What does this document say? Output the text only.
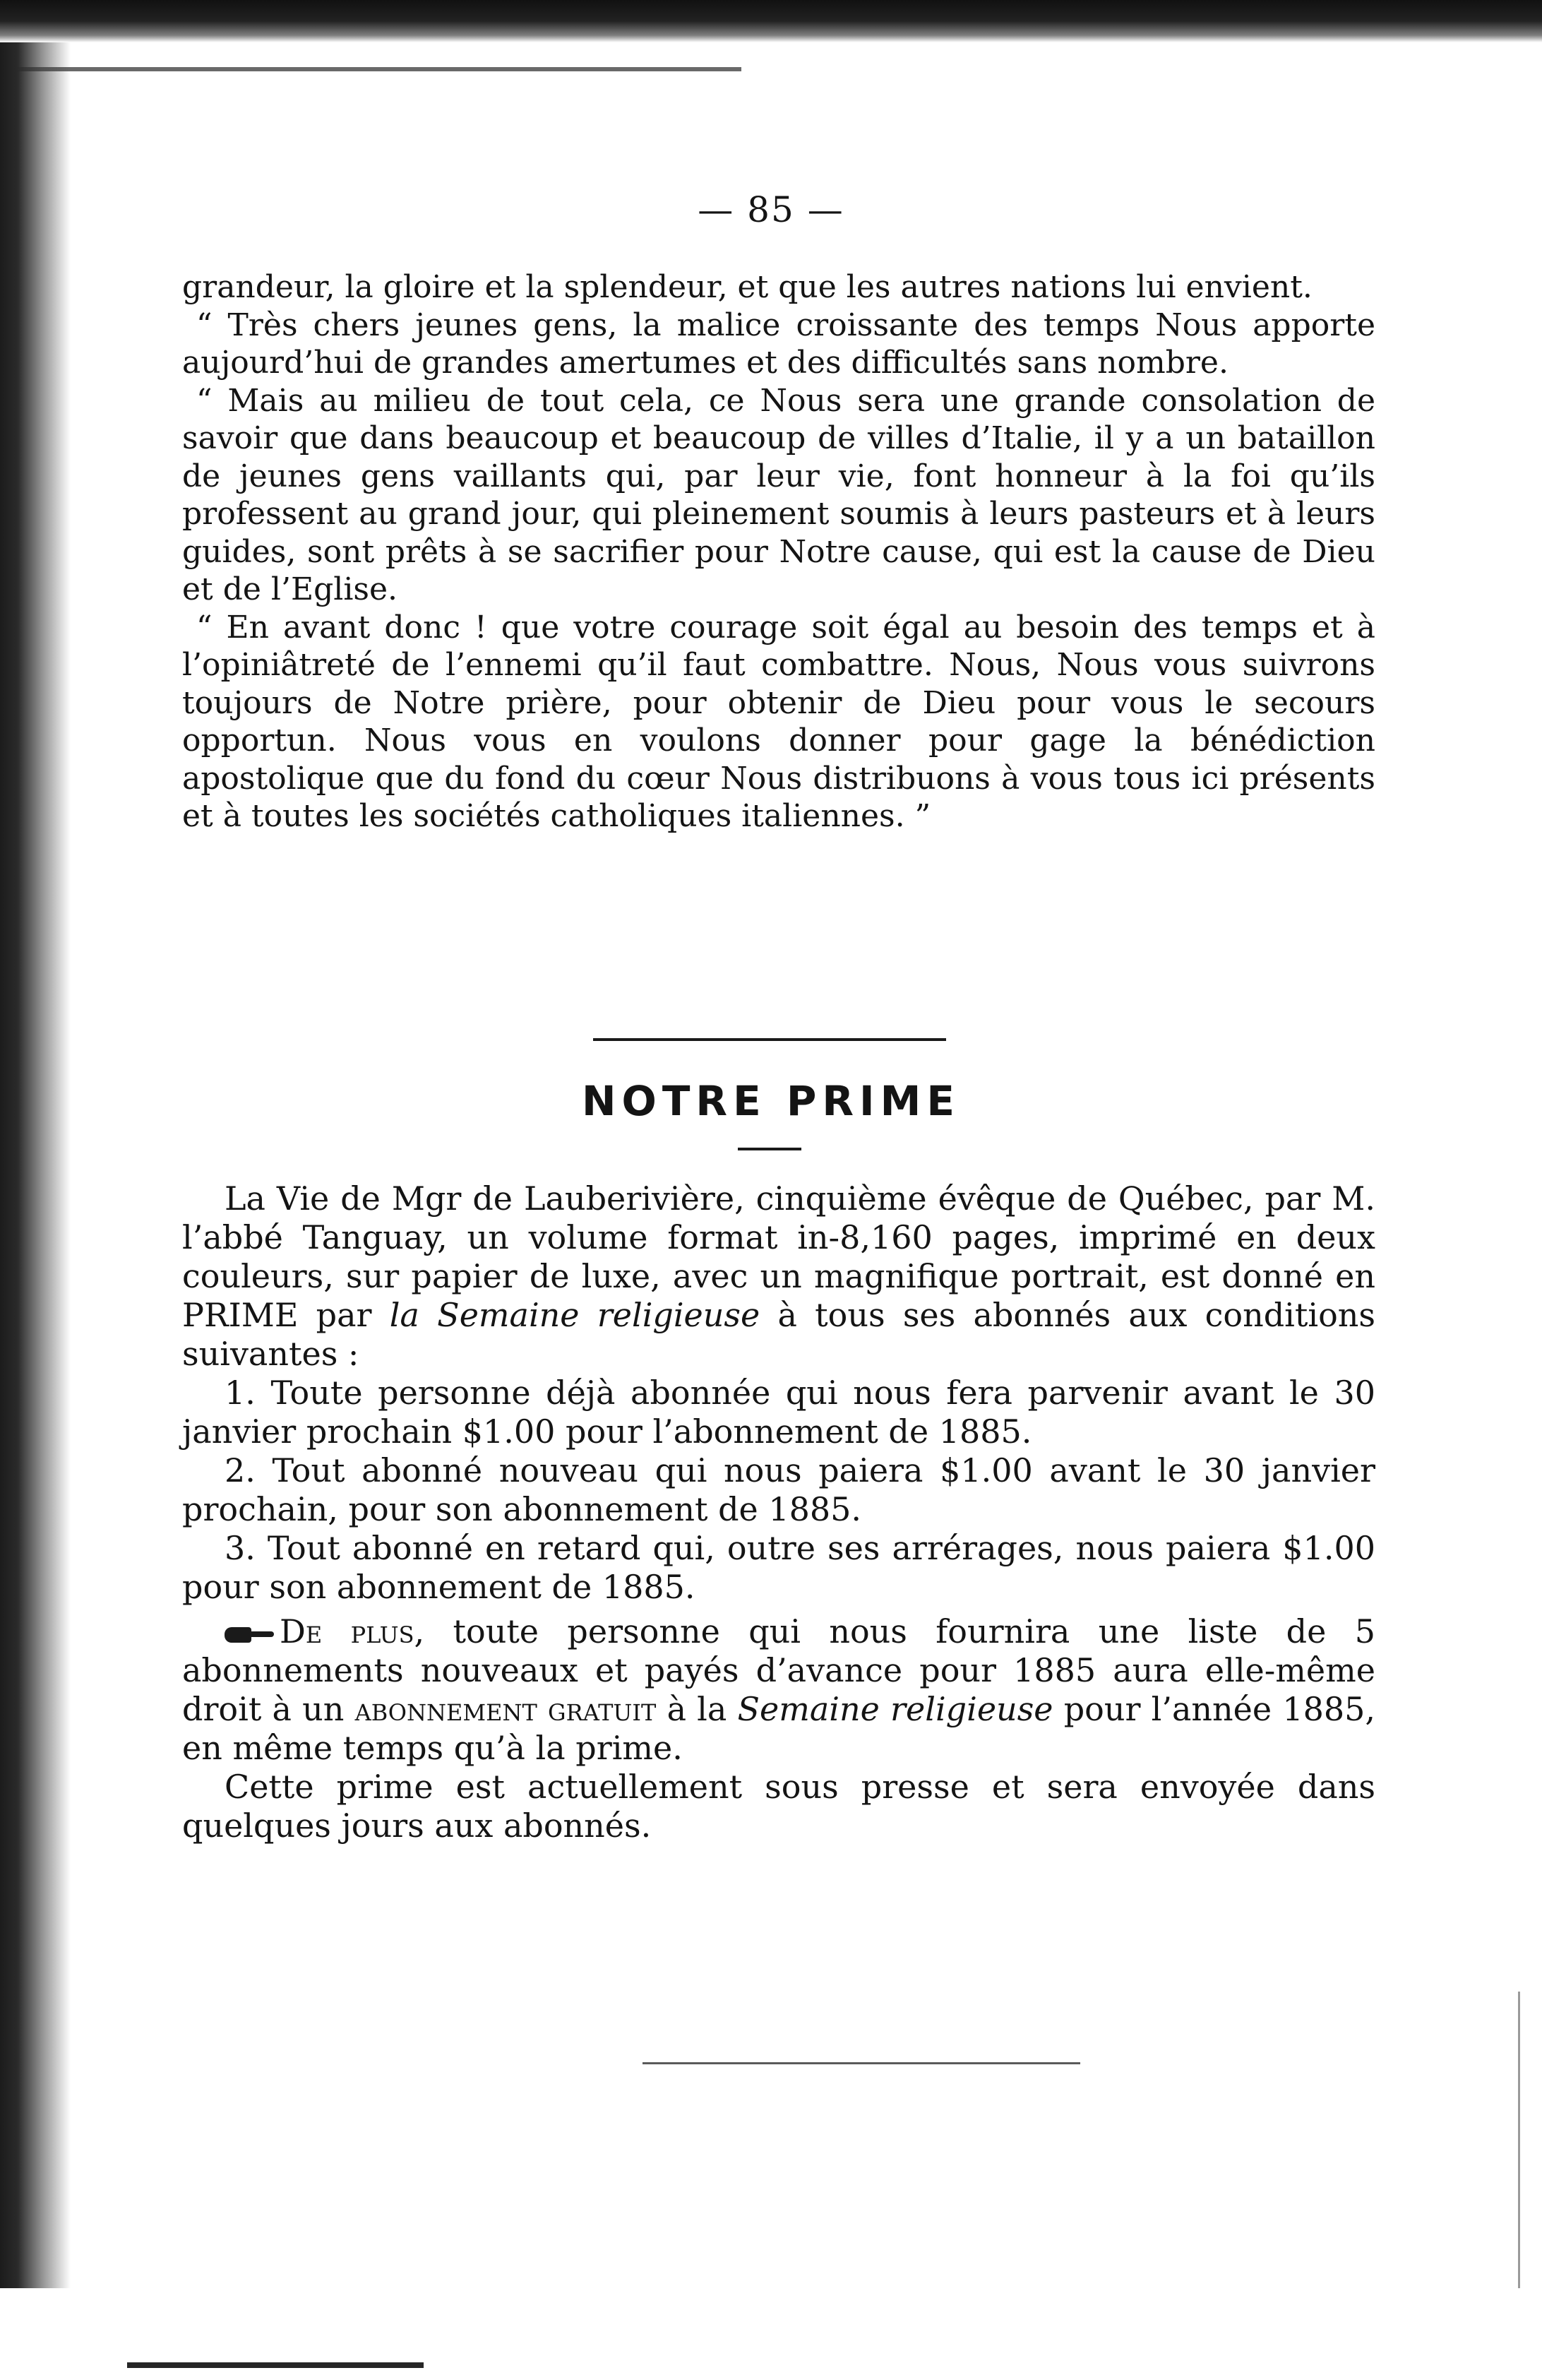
— 85 —

grandeur, la gloire et la splendeur, et que les autres nations lui envient.

“ Très chers jeunes gens, la malice croissante des temps Nous apporte aujourd’hui de grandes amertumes et des difficultés sans nombre.

“ Mais au milieu de tout cela, ce Nous sera une grande consolation de savoir que dans beaucoup et beaucoup de villes d’Italie, il y a un bataillon de jeunes gens vaillants qui, par leur vie, font honneur à la foi qu’ils professent au grand jour, qui pleinement soumis à leurs pasteurs et à leurs guides, sont prêts à se sacrifier pour Notre cause, qui est la cause de Dieu et de l’Eglise.

“ En avant donc ! que votre courage soit égal au besoin des temps et à l’opiniâtreté de l’ennemi qu’il faut combattre. Nous, Nous vous suivrons toujours de Notre prière, pour obtenir de Dieu pour vous le secours opportun. Nous vous en voulons donner pour gage la bénédiction apostolique que du fond du cœur Nous distribuons à vous tous ici présents et à toutes les sociétés catholiques italiennes. ”

NOTRE PRIME

La Vie de Mgr de Lauberivière, cinquième évêque de Québec, par M. l’abbé Tanguay, un volume format in-8,160 pages, imprimé en deux couleurs, sur papier de luxe, avec un magnifique portrait, est donné en PRIME par la Semaine religieuse à tous ses abonnés aux conditions suivantes :

1. Toute personne déjà abonnée qui nous fera parvenir avant le 30 janvier prochain $1.00 pour l’abonnement de 1885.

2. Tout abonné nouveau qui nous paiera $1.00 avant le 30 janvier prochain, pour son abonnement de 1885.

3. Tout abonné en retard qui, outre ses arrérages, nous paiera $1.00 pour son abonnement de 1885.

De plus, toute personne qui nous fournira une liste de 5 abonnements nouveaux et payés d’avance pour 1885 aura elle-même droit à un abonnement gratuit à la Semaine religieuse pour l’année 1885, en même temps qu’à la prime.

Cette prime est actuellement sous presse et sera envoyée dans quelques jours aux abonnés.
